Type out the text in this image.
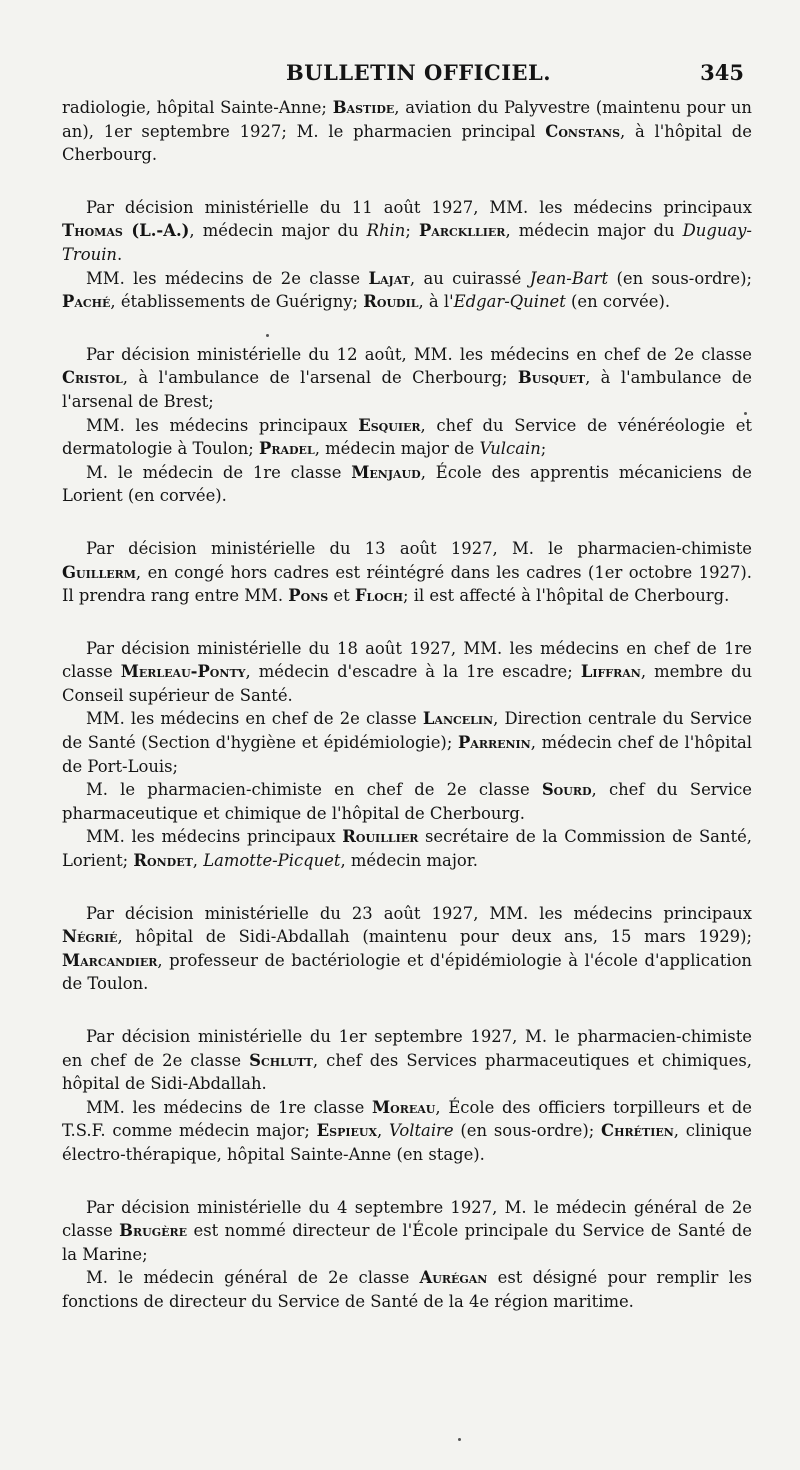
BULLETIN OFFICIEL.	345

radiologie, hôpital Sainte-Anne; Bastide, aviation du Palyvestre (maintenu pour un an), 1er septembre 1927; M. le pharmacien principal Constans, à l'hôpital de Cherbourg.

Par décision ministérielle du 11 août 1927, MM. les médecins principaux Thomas (L.-A.), médecin major du Rhin; Parckllier, médecin major du Duguay-Trouin.

MM. les médecins de 2e classe Lajat, au cuirassé Jean-Bart (en sous-ordre); Paché, établissements de Guérigny; Roudil, à l'Edgar-Quinet (en corvée).

Par décision ministérielle du 12 août, MM. les médecins en chef de 2e classe Cristol, à l'ambulance de l'arsenal de Cherbourg; Busquet, à l'ambulance de l'arsenal de Brest;

MM. les médecins principaux Esquier, chef du Service de vénéréologie et dermatologie à Toulon; Pradel, médecin major de Vulcain;

M. le médecin de 1re classe Menjaud, École des apprentis mécaniciens de Lorient (en corvée).

Par décision ministérielle du 13 août 1927, M. le pharmacien-chimiste Guillerm, en congé hors cadres est réintégré dans les cadres (1er octobre 1927). Il prendra rang entre MM. Pons et Floch; il est affecté à l'hôpital de Cherbourg.

Par décision ministérielle du 18 août 1927, MM. les médecins en chef de 1re classe Merleau-Ponty, médecin d'escadre à la 1re escadre; Liffran, membre du Conseil supérieur de Santé.

MM. les médecins en chef de 2e classe Lancelin, Direction centrale du Service de Santé (Section d'hygiène et épidémiologie); Parrenin, médecin chef de l'hôpital de Port-Louis;

M. le pharmacien-chimiste en chef de 2e classe Sourd, chef du Service pharmaceutique et chimique de l'hôpital de Cherbourg.

MM. les médecins principaux Rouillier secrétaire de la Commission de Santé, Lorient; Rondet, Lamotte-Picquet, médecin major.

Par décision ministérielle du 23 août 1927, MM. les médecins principaux Négrié, hôpital de Sidi-Abdallah (maintenu pour deux ans, 15 mars 1929); Marcandier, professeur de bactériologie et d'épidémiologie à l'école d'application de Toulon.

Par décision ministérielle du 1er septembre 1927, M. le pharmacien-chimiste en chef de 2e classe Schlutt, chef des Services pharmaceutiques et chimiques, hôpital de Sidi-Abdallah.

MM. les médecins de 1re classe Moreau, École des officiers torpilleurs et de T.S.F. comme médecin major; Espieux, Voltaire (en sous-ordre); Chrétien, clinique électro-thérapique, hôpital Sainte-Anne (en stage).

Par décision ministérielle du 4 septembre 1927, M. le médecin général de 2e classe Brugère est nommé directeur de l'École principale du Service de Santé de la Marine;

M. le médecin général de 2e classe Aurégan est désigné pour remplir les fonctions de directeur du Service de Santé de la 4e région maritime.
